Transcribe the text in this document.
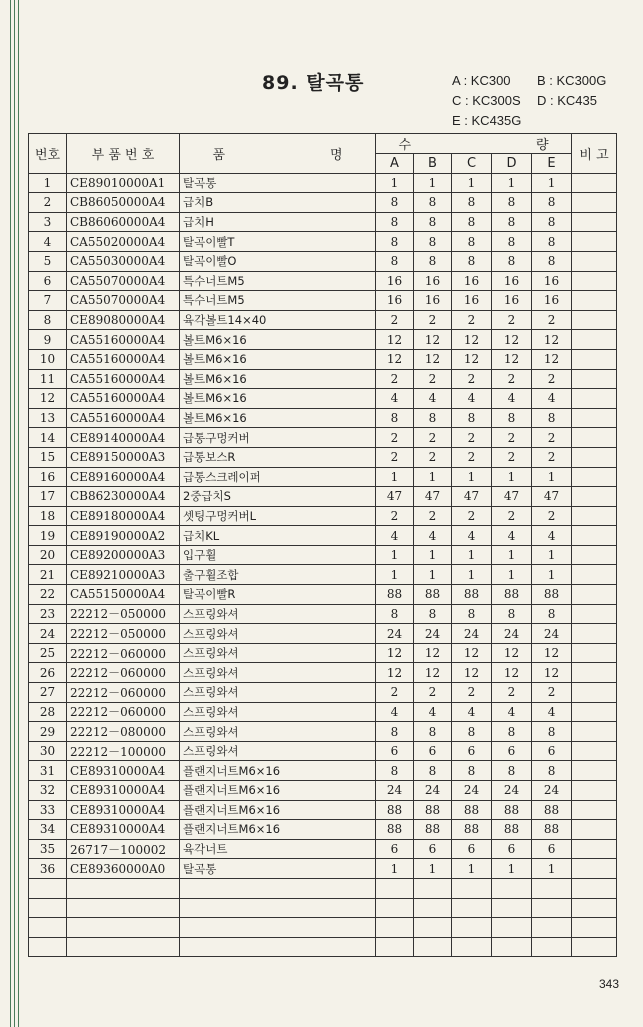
89. 탈곡통	A : KC300 B : KC300G
C : KC300S D : KC435
E : KC435G
번호	부 품 번 호	품 명	수 량					비 고
			A	B	C	D	E	
1	CE89010000A1	탈곡통	1	1	1	1	1	
2	CB86050000A4	급치B	8	8	8	8	8	
3	CB86060000A4	급치H	8	8	8	8	8	
4	CA55020000A4	탈곡이빨T	8	8	8	8	8	
5	CA55030000A4	탈곡이빨O	8	8	8	8	8	
6	CA55070000A4	특수너트M5	16	16	16	16	16	
7	CA55070000A4	특수너트M5	16	16	16	16	16	
8	CE89080000A4	육각볼트14×40	2	2	2	2	2	
9	CA55160000A4	볼트M6×16	12	12	12	12	12	
10	CA55160000A4	볼트M6×16	12	12	12	12	12	
11	CA55160000A4	볼트M6×16	2	2	2	2	2	
12	CA55160000A4	볼트M6×16	4	4	4	4	4	
13	CA55160000A4	볼트M6×16	8	8	8	8	8	
14	CE89140000A4	급통구멍커버	2	2	2	2	2	
15	CE89150000A3	급통보스R	2	2	2	2	2	
16	CE89160000A4	급통스크레이퍼	1	1	1	1	1	
17	CB86230000A4	2중급치S	47	47	47	47	47	
18	CE89180000A4	셋팅구멍커버L	2	2	2	2	2	
19	CE89190000A2	급치KL	4	4	4	4	4	
20	CE89200000A3	입구휠	1	1	1	1	1	
21	CE89210000A3	출구휠조합	1	1	1	1	1	
22	CA55150000A4	탈곡이빨R	88	88	88	88	88	
23	22212－050000	스프링와셔	8	8	8	8	8	
24	22212－050000	스프링와셔	24	24	24	24	24	
25	22212－060000	스프링와셔	12	12	12	12	12	
26	22212－060000	스프링와셔	12	12	12	12	12	
27	22212－060000	스프링와셔	2	2	2	2	2	
28	22212－060000	스프링와셔	4	4	4	4	4	
29	22212－080000	스프링와셔	8	8	8	8	8	
30	22212－100000	스프링와셔	6	6	6	6	6	
31	CE89310000A4	플랜지너트M6×16	8	8	8	8	8	
32	CE89310000A4	플랜지너트M6×16	24	24	24	24	24	
33	CE89310000A4	플랜지너트M6×16	88	88	88	88	88	
34	CE89310000A4	플랜지너트M6×16	88	88	88	88	88	
35	26717－100002	육각너트	6	6	6	6	6	
36	CE89360000A0	탈곡통	1	1	1	1	1	

343
